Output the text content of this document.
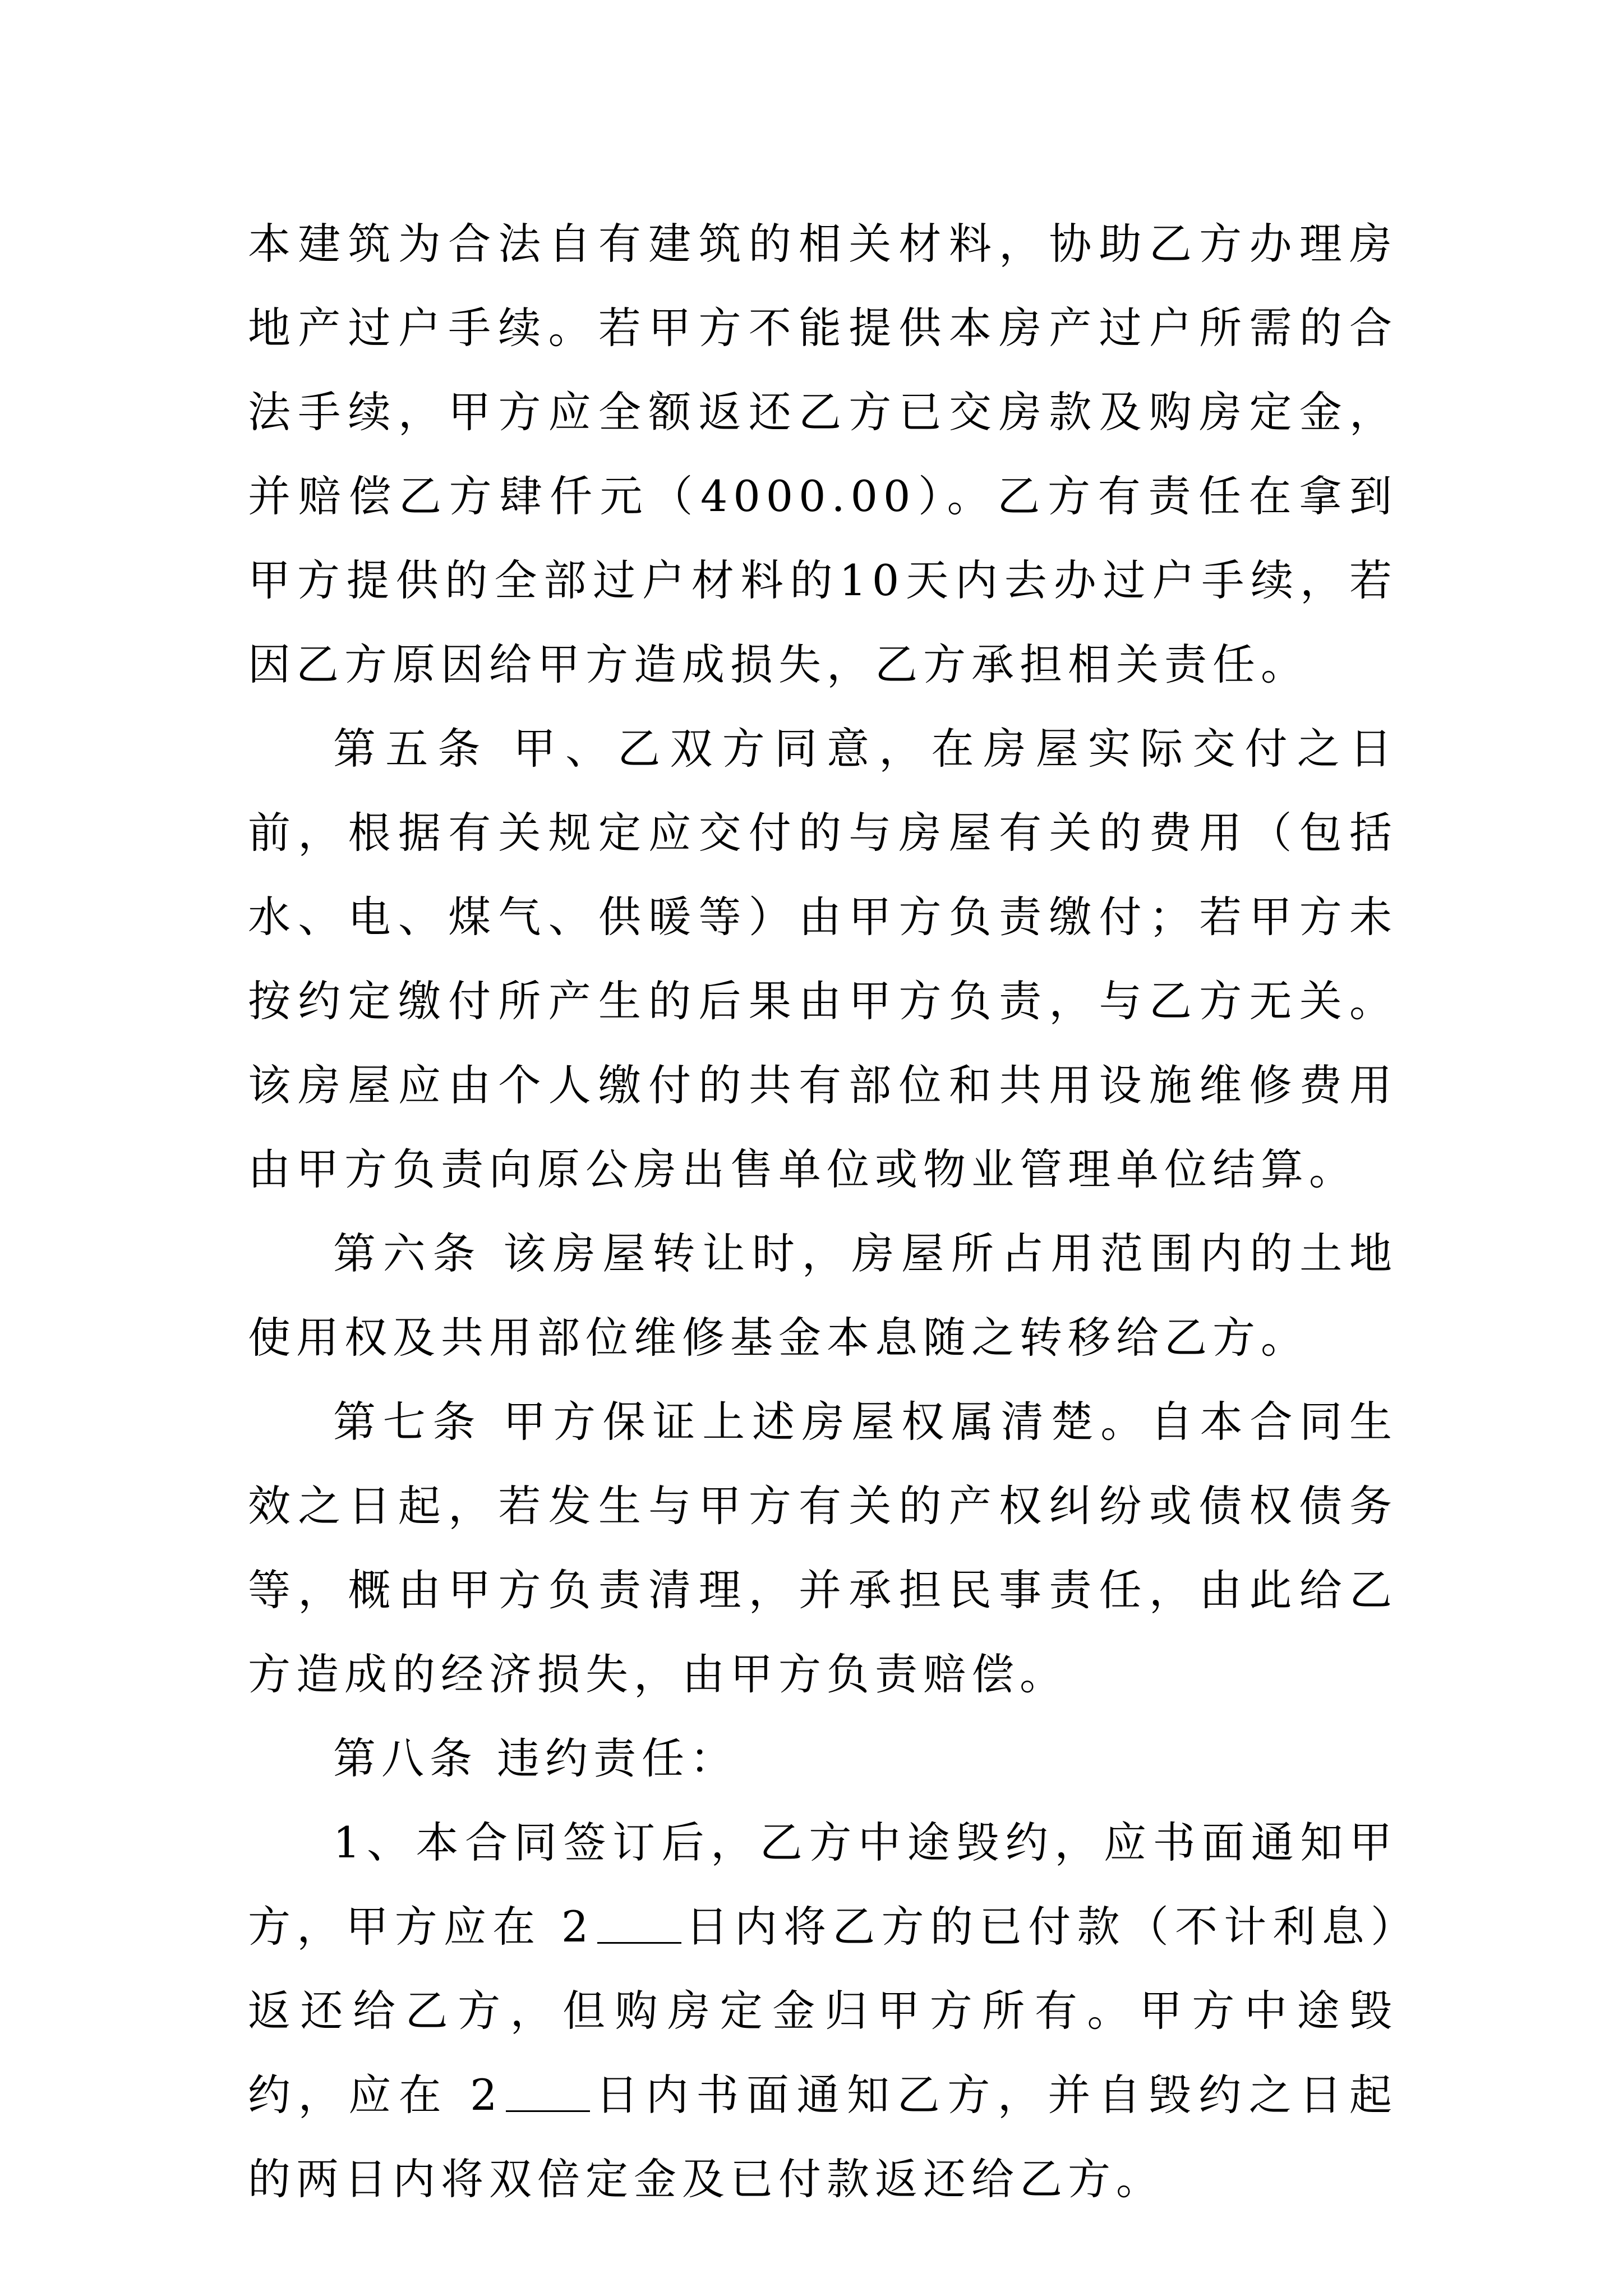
本建筑为合法自有建筑的相关材料，协助乙方办理房地产过户手续。若甲方不能提供本房产过户所需的合法手续，甲方应全额返还乙方已交房款及购房定金，并赔偿乙方肆仟元（4000.00）。乙方有责任在拿到甲方提供的全部过户材料的10天内去办过户手续，若因乙方原因给甲方造成损失，乙方承担相关责任。

第五条 甲、乙双方同意，在房屋实际交付之日前，根据有关规定应交付的与房屋有关的费用（包括水、电、煤气、供暖等）由甲方负责缴付；若甲方未按约定缴付所产生的后果由甲方负责，与乙方无关。该房屋应由个人缴付的共有部位和共用设施维修费用由甲方负责向原公房出售单位或物业管理单位结算。

第六条 该房屋转让时，房屋所占用范围内的土地使用权及共用部位维修基金本息随之转移给乙方。

第七条 甲方保证上述房屋权属清楚。自本合同生效之日起，若发生与甲方有关的产权纠纷或债权债务等，概由甲方负责清理，并承担民事责任，由此给乙方造成的经济损失，由甲方负责赔偿。

第八条 违约责任：

1、本合同签订后，乙方中途毁约，应书面通知甲方，甲方应在 2 日内将乙方的已付款（不计利息）返还给乙方，但购房定金归甲方所有。甲方中途毁约，应在 2 日内书面通知乙方，并自毁约之日起的两日内将双倍定金及已付款返还给乙方。
